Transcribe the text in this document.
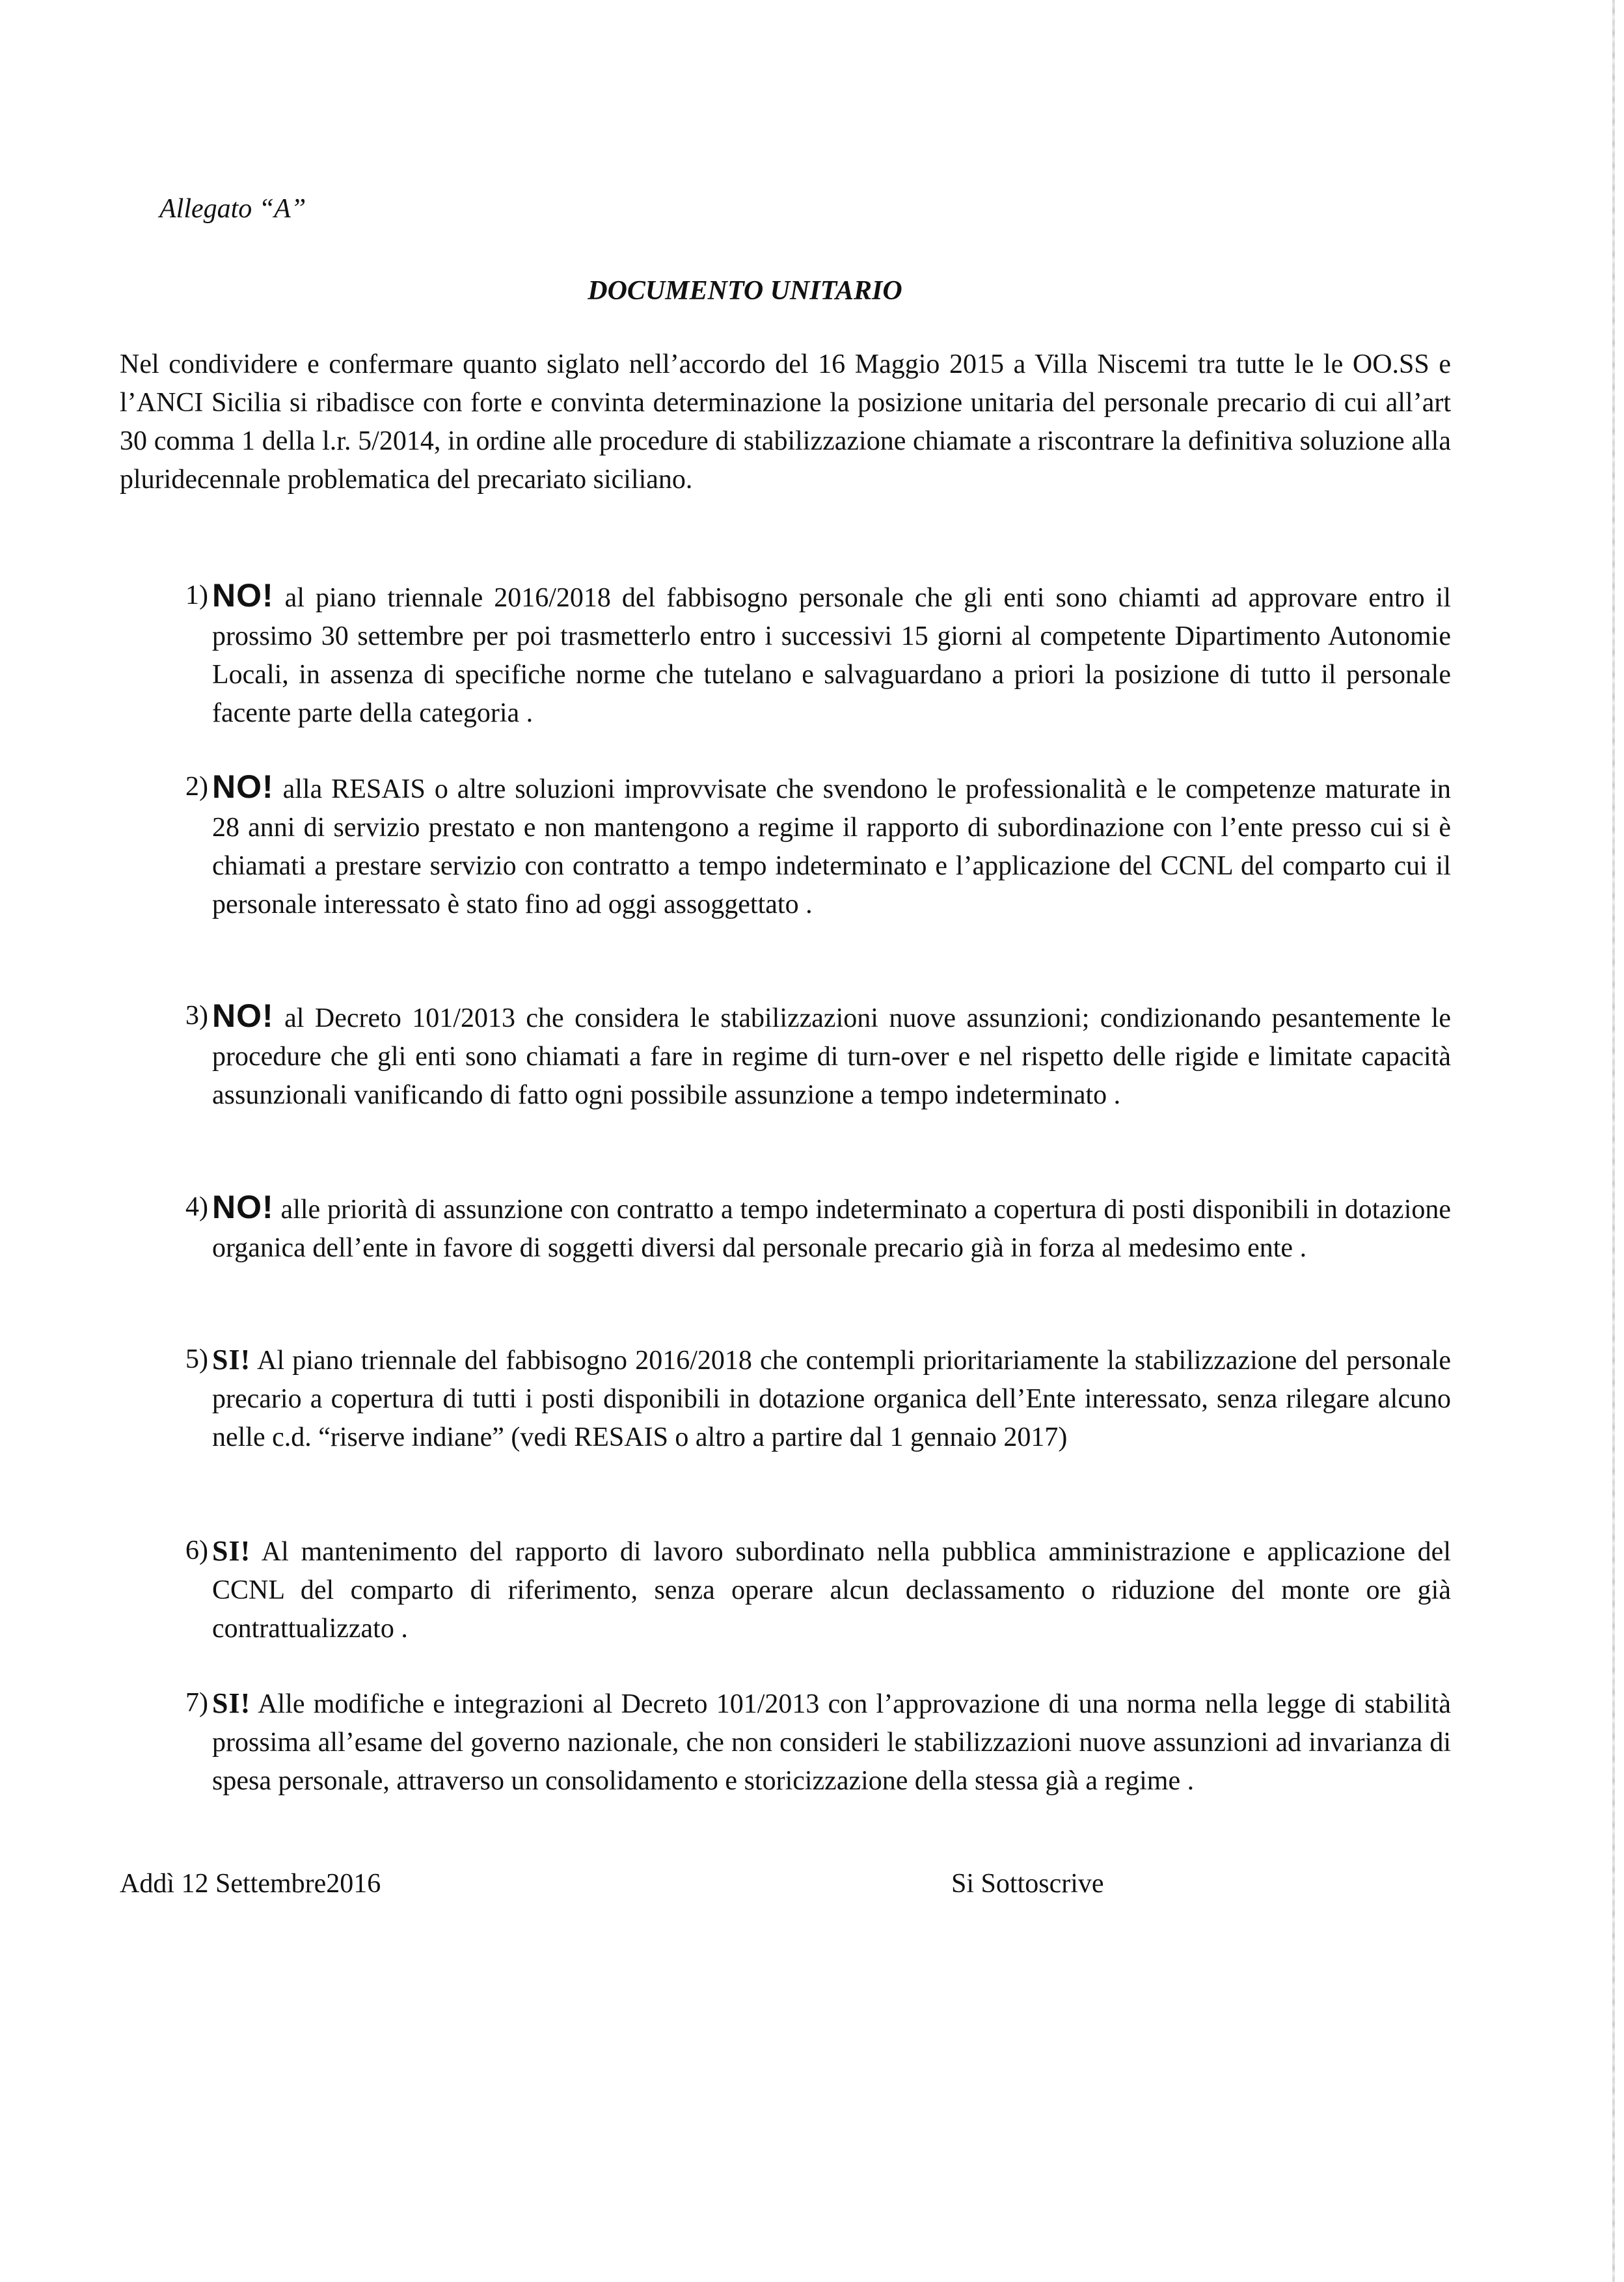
Allegato “A”
DOCUMENTO UNITARIO

Nel condividere e confermare quanto siglato nell’accordo del 16 Maggio 2015 a Villa Niscemi tra tutte le le OO.SS e l’ANCI Sicilia si ribadisce con forte e convinta determinazione la posizione unitaria del personale precario di cui all’art 30 comma 1 della l.r. 5/2014, in ordine alle procedure di stabilizzazione chiamate a riscontrare la definitiva soluzione alla pluridecennale problematica del precariato siciliano.

1) NO! al piano triennale 2016/2018 del fabbisogno personale che gli enti sono chiamti ad approvare entro il prossimo 30 settembre per poi trasmetterlo entro i successivi 15 giorni al competente Dipartimento Autonomie Locali, in assenza di specifiche norme che tutelano e salvaguardano a priori la posizione di tutto il personale facente parte della categoria .

2) NO! alla RESAIS o altre soluzioni improvvisate che svendono le professionalità e le competenze maturate in 28 anni di servizio prestato e non mantengono a regime il rapporto di subordinazione con l’ente presso cui si è chiamati a prestare servizio con contratto a tempo indeterminato e l’applicazione del CCNL del comparto cui il personale interessato è stato fino ad oggi assoggettato .

3) NO! al Decreto 101/2013 che considera le stabilizzazioni nuove assunzioni; condizionando pesantemente le procedure che gli enti sono chiamati a fare in regime di turn-over e nel rispetto delle rigide e limitate capacità assunzionali vanificando di fatto ogni possibile assunzione a tempo indeterminato .

4) NO! alle priorità di assunzione con contratto a tempo indeterminato a copertura di posti disponibili in dotazione organica dell’ente in favore di soggetti diversi dal personale precario già in forza al medesimo ente .

5) SI! Al piano triennale del fabbisogno 2016/2018 che contempli prioritariamente la stabilizzazione del personale precario a copertura di tutti i posti disponibili in dotazione organica dell’Ente interessato, senza rilegare alcuno nelle c.d. “riserve indiane” (vedi RESAIS o altro a partire dal 1 gennaio 2017)

6) SI! Al mantenimento del rapporto di lavoro subordinato nella pubblica amministrazione e applicazione del CCNL del comparto di riferimento, senza operare alcun declassamento o riduzione del monte ore già contrattualizzato .

7) SI! Alle modifiche e integrazioni al Decreto 101/2013 con l’approvazione di una norma nella legge di stabilità prossima all’esame del governo nazionale, che non consideri le stabilizzazioni nuove assunzioni ad invarianza di spesa personale, attraverso un consolidamento e storicizzazione della stessa già a regime .

Addì 12 Settembre2016	Si Sottoscrive
